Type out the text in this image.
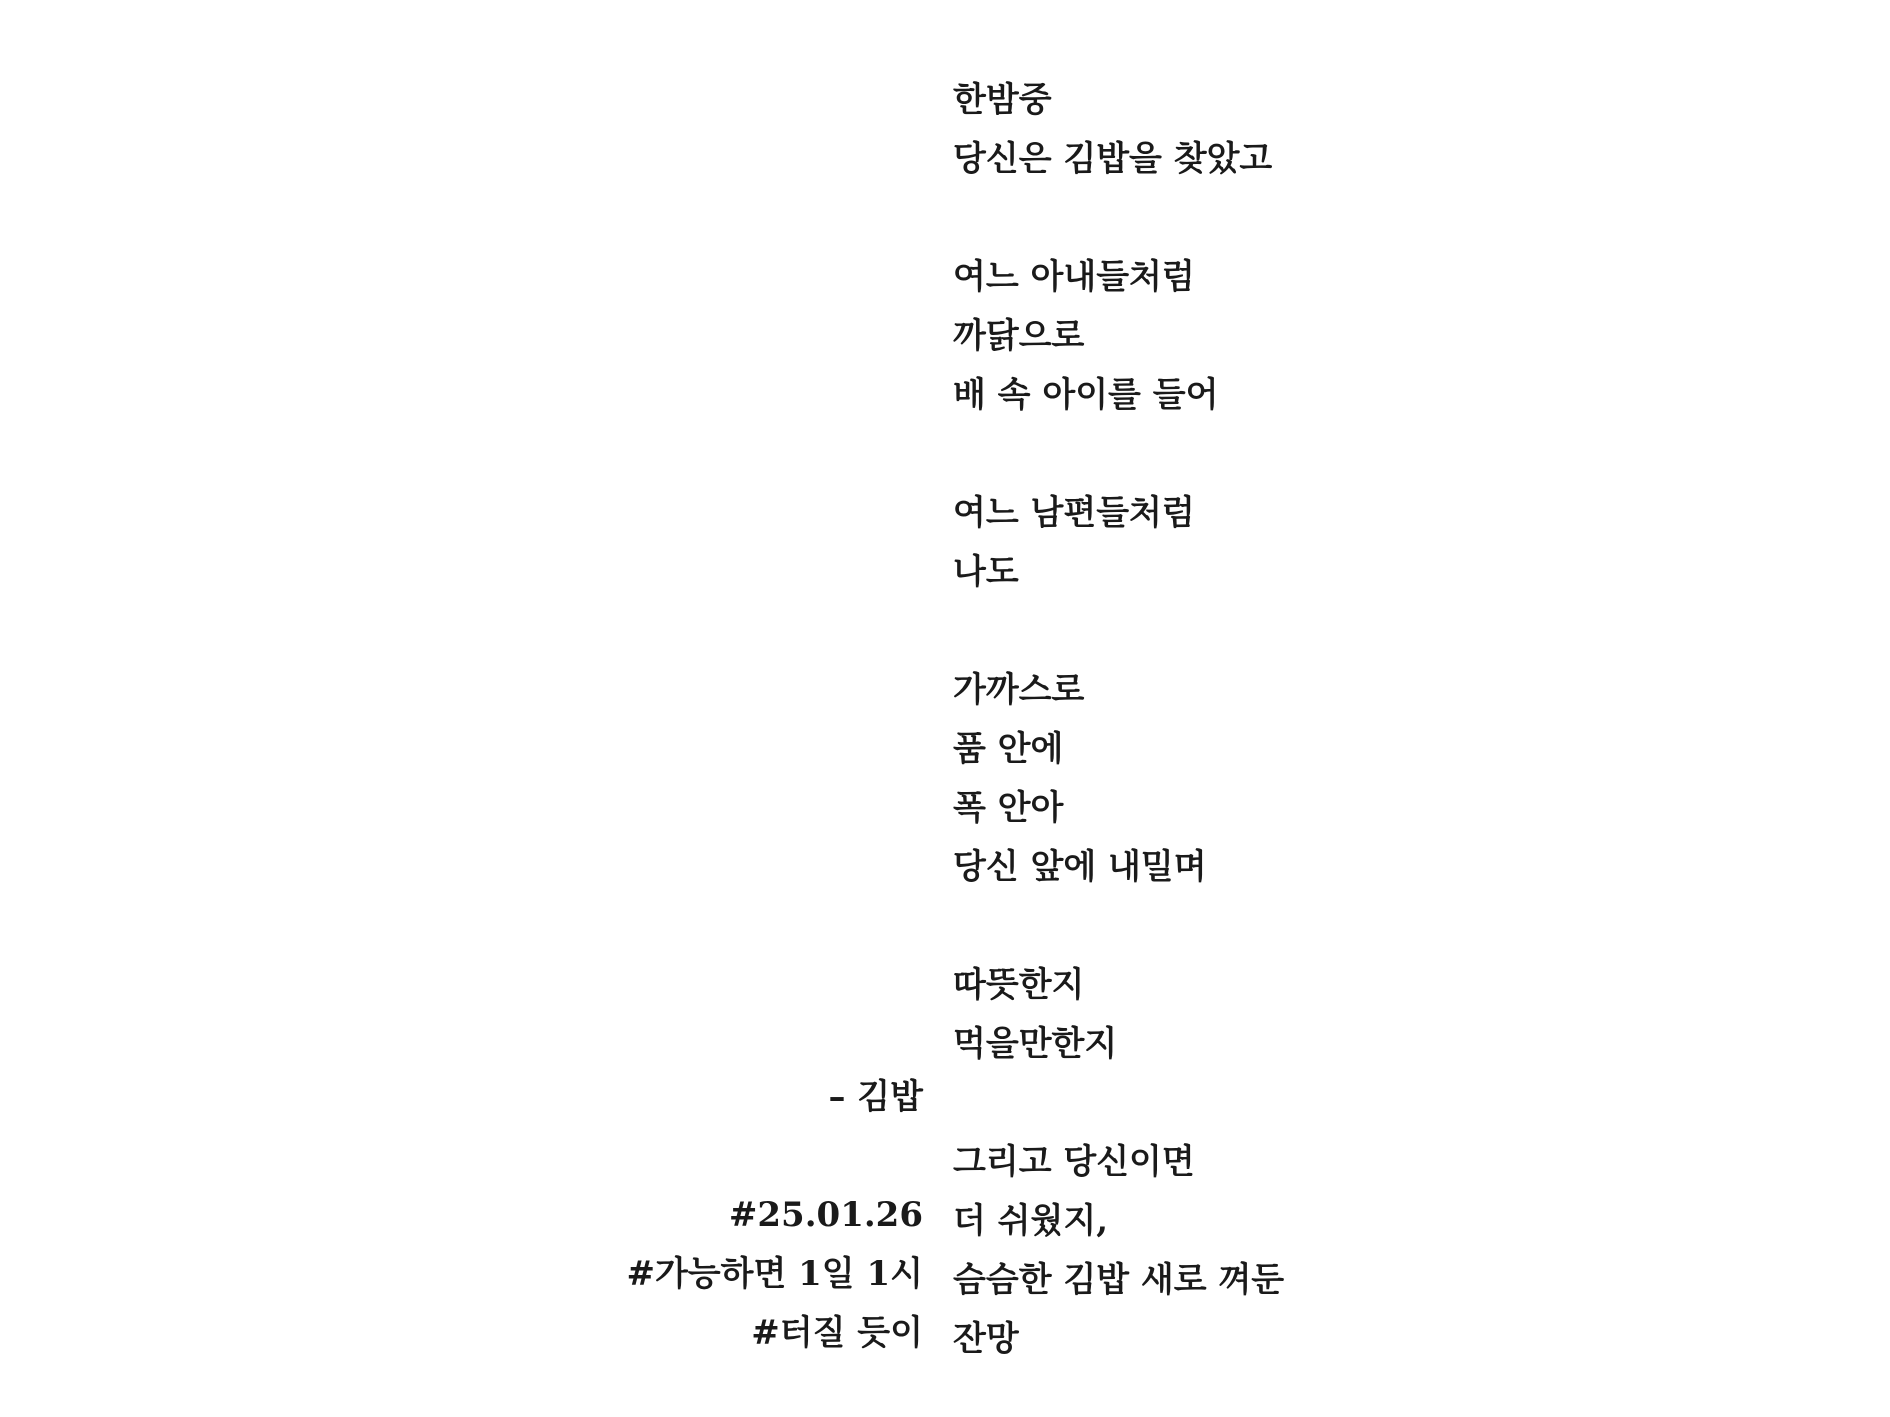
한밤중
당신은 김밥을 찾았고
여느 아내들처럼
까닭으로
배 속 아이를 들어
여느 남편들처럼
나도
가까스로
품 안에
폭 안아
당신 앞에 내밀며
따뜻한지
먹을만한지
그리고 당신이면
더 쉬웠지,
슴슴한 김밥 새로 껴둔
잔망
– 김밥
#25.01.26
#가능하면 1일 1시
#터질 듯이
